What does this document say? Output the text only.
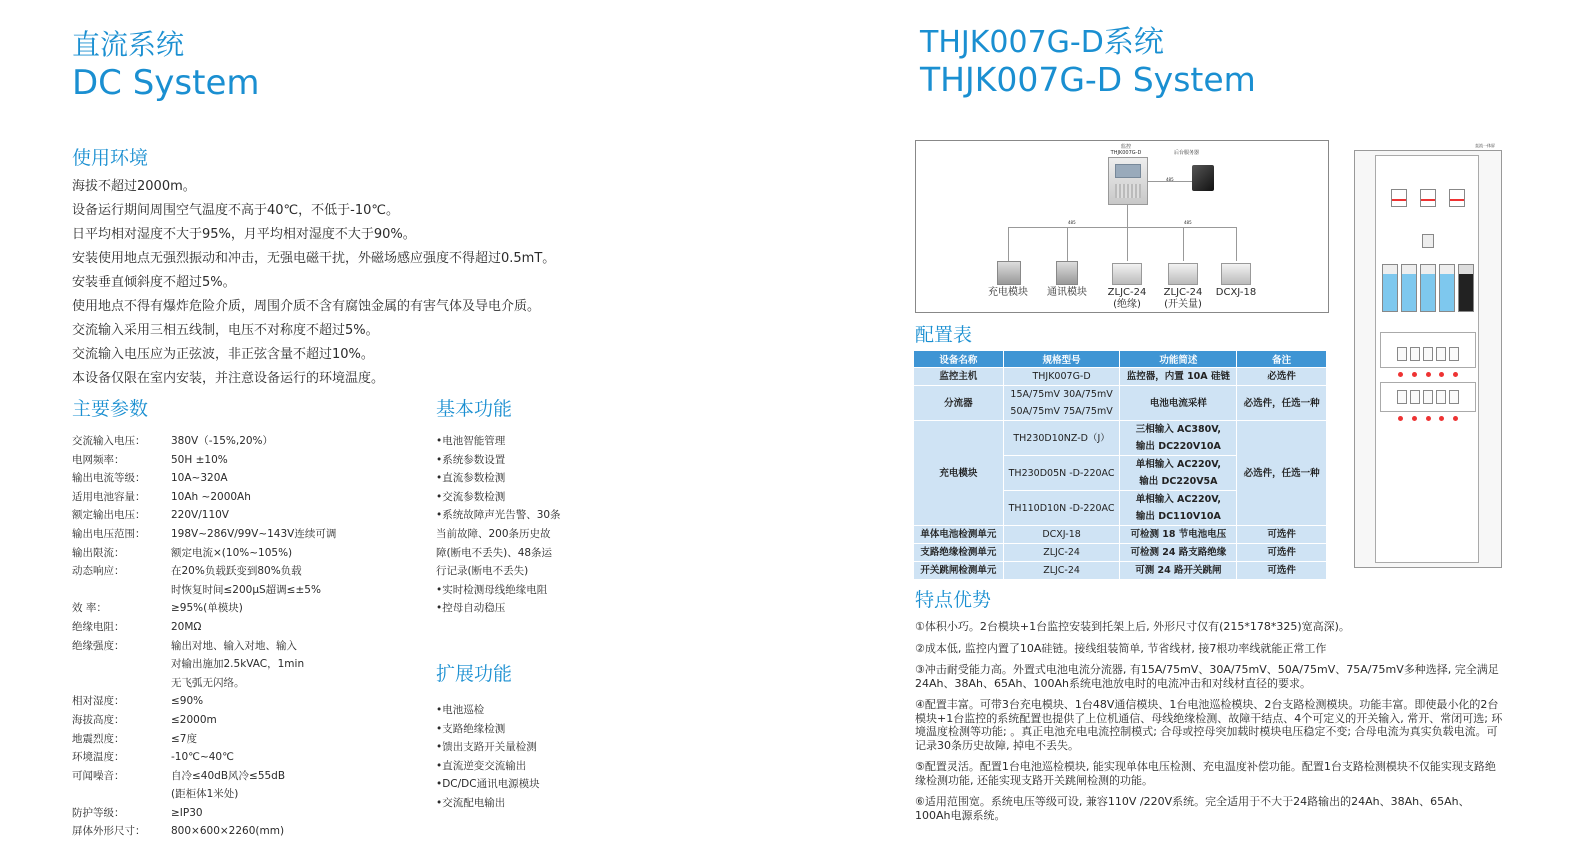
直流系统
DC System
使用环境

海拔不超过2000m。

设备运行期间周围空气温度不高于40℃，不低于-10℃。

日平均相对湿度不大于95%，月平均相对湿度不大于90%。

安装使用地点无强烈振动和冲击，无强电磁干扰，外磁场感应强度不得超过0.5mT。

安装垂直倾斜度不超过5%。

使用地点不得有爆炸危险介质，周围介质不含有腐蚀金属的有害气体及导电介质。

交流输入采用三相五线制，电压不对称度不超过5%。

交流输入电压应为正弦波，非正弦含量不超过10%。

本设备仅限在室内安装，并注意设备运行的环境温度。

主要参数
交流输入电压：	380V（-15%,20%）
电网频率：	50H ±10%
输出电流等级：	10A~320A
适用电池容量：	10Ah ~2000Ah
额定输出电压：	220V/110V
输出电压范围：	198V~286V/99V~143V连续可调
输出限流：	额定电流×(10%~105%)
动态响应：	在20%负载跃变到80%负载
时恢复时间≤200μS超调≤±5%
效 率：	≥95%(单模块)
绝缘电阻：	20MΩ
绝缘强度：	输出对地、输入对地、输入
对输出施加2.5kVAC，1min
无飞弧无闪络。
相对湿度：	≤90%
海拔高度：	≤2000m
地震烈度：	≤7度
环境温度：	-10℃~40℃
可闻噪音：	自冷≤40dB风冷≤55dB
(距柜体1米处)
防护等级：	≥IP30
屏体外形尺寸：	800×600×2260(mm)
基本功能

•电池智能管理

•系统参数设置

•直流参数检测

•交流参数检测

•系统故障声光告警、30条

当前故障、200条历史故

障(断电不丢失)、48条运

行记录(断电不丢失)

•实时检测母线绝缘电阻

•控母自动稳压

扩展功能

•电池巡检

•支路绝缘检测

•馈出支路开关量检测

•直流逆变交流输出

•DC/DC通讯电源模块

•交流配电输出

THJK007G-D系统
THJK007G-D System
监控
THJK007G-D	后台服务器
485
485	485
充电模块	通讯模块	ZLJC-24
(绝缘)
ZLJC-24
(开关量)
DCXJ-18
直流一体屏
配置表
设备名称	规格型号	功能简述	备注
监控主机	THJK007G-D	监控器，内置 10A 硅链	必选件
分流器	15A/75mV 30A/75mV
50A/75mV 75A/75mV	电池电流采样	必选件，任选一种
充电模块	TH230D10NZ-D（J）	三相输入 AC380V,
输出 DC220V10A	必选件，任选一种
	TH230D05N -D-220AC	单相输入 AC220V,
输出 DC220V5A	

	TH110D10N -D-220AC	单相输入 AC220V,
输出 DC110V10A	

单体电池检测单元	DCXJ-18	可检测 18 节电池电压	可选件
支路绝缘检测单元	ZLJC-24	可检测 24 路支路绝缘	可选件
开关跳闸检测单元	ZLJC-24	可测 24 路开关跳闸	可选件
特点优势

①体积小巧。2台模块+1台监控安装到托架上后, 外形尺寸仅有(215*178*325)宽高深)。

②成本低, 监控内置了10A硅链。接线组装简单, 节省线材, 接7根功率线就能正常工作

③冲击耐受能力高。外置式电池电流分流器, 有15A/75mV、30A/75mV、50A/75mV、75A/75mV多种选择, 完全满足24Ah、38Ah、65Ah、100Ah系统电池放电时的电流冲击和对线材直径的要求。

④配置丰富。可带3台充电模块、1台48V通信模块、1台电池巡检模块、2台支路检测模块。功能丰富。即使最小化的2台模块+1台监控的系统配置也提供了上位机通信、母线绝缘检测、故障干结点、4个可定义的开关输入, 常开、常闭可选; 环境温度检测等功能; 。真正电池充电电流控制模式; 合母或控母突加载时模块电压稳定不变; 合母电流为真实负载电流。可记录30条历史故障, 掉电不丢失。

⑤配置灵活。配置1台电池巡检模块, 能实现单体电压检测、充电温度补偿功能。配置1台支路检测模块不仅能实现支路绝缘检测功能, 还能实现支路开关跳闸检测的功能。

⑥适用范围宽。系统电压等级可设, 兼容110V /220V系统。完全适用于不大于24路输出的24Ah、38Ah、65Ah、100Ah电源系统。
